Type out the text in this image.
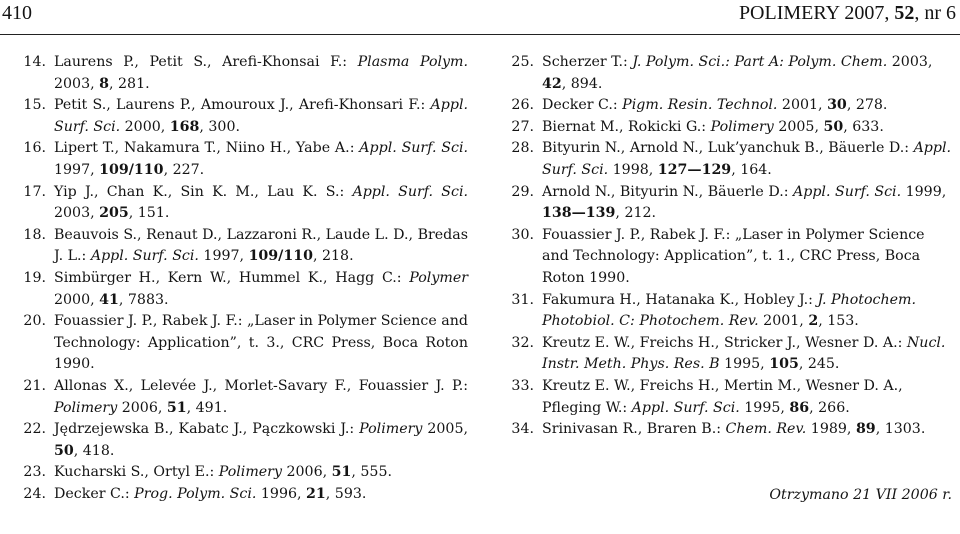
410	POLIMERY 2007, 52, nr 6
14. Laurens P., Petit S., Arefi-Khonsai F.: Plasma Polym. 2003, 8, 281.
15. Petit S., Laurens P., Amouroux J., Arefi-Khonsari F.: Appl. Surf. Sci. 2000, 168, 300.
16. Lipert T., Nakamura T., Niino H., Yabe A.: Appl. Surf. Sci. 1997, 109/110, 227.
17. Yip J., Chan K., Sin K. M., Lau K. S.: Appl. Surf. Sci. 2003, 205, 151.
18. Beauvois S., Renaut D., Lazzaroni R., Laude L. D., Bredas J. L.: Appl. Surf. Sci. 1997, 109/110, 218.
19. Simbürger H., Kern W., Hummel K., Hagg C.: Polymer 2000, 41, 7883.
20. Fouassier J. P., Rabek J. F.: „Laser in Polymer Science and Technology: Application”, t. 3., CRC Press, Boca Roton 1990.
21. Allonas X., Lelevée J., Morlet-Savary F., Fouassier J. P.: Polimery 2006, 51, 491.
22. Jędrzejewska B., Kabatc J., Pączkowski J.: Polimery 2005, 50, 418.
23. Kucharski S., Ortyl E.: Polimery 2006, 51, 555.
24. Decker C.: Prog. Polym. Sci. 1996, 21, 593.
25. Scherzer T.: J. Polym. Sci.: Part A: Polym. Chem. 2003, 42, 894.
26. Decker C.: Pigm. Resin. Technol. 2001, 30, 278.
27. Biernat M., Rokicki G.: Polimery 2005, 50, 633.
28. Bityurin N., Arnold N., Luk’yanchuk B., Bäuerle D.: Appl. Surf. Sci. 1998, 127—129, 164.
29. Arnold N., Bityurin N., Bäuerle D.: Appl. Surf. Sci. 1999, 138—139, 212.
30. Fouassier J. P., Rabek J. F.: „Laser in Polymer Science and Technology: Application”, t. 1., CRC Press, Boca Roton 1990.
31. Fakumura H., Hatanaka K., Hobley J.: J. Photochem. Photobiol. C: Photochem. Rev. 2001, 2, 153.
32. Kreutz E. W., Freichs H., Stricker J., Wesner D. A.: Nucl. Instr. Meth. Phys. Res. B 1995, 105, 245.
33. Kreutz E. W., Freichs H., Mertin M., Wesner D. A., Pfleging W.: Appl. Surf. Sci. 1995, 86, 266.
34. Srinivasan R., Braren B.: Chem. Rev. 1989, 89, 1303.
Otrzymano 21 VII 2006 r.
